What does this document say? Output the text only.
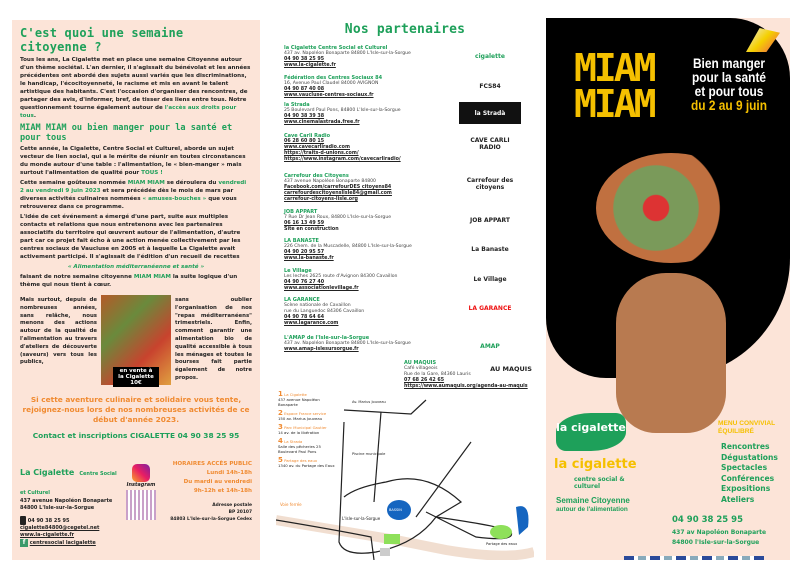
C'est quoi une semaine citoyenne ?

Tous les ans, La Cigalette met en place une semaine Citoyenne autour d'un thème sociétal. L'an dernier, il s'agissait du bénévolat et les années précédentes ont abordé des sujets aussi variés que les discriminations, le handicap, l'écocitoyenneté, le racisme et mis en avant le talent artistique des habitants. C'est l'occasion d'organiser des rencontres, de partager des avis, d'informer, bref, de tisser des liens entre tous. Notre questionnement tourne également autour de l'accès aux droits pour tous.

MIAM MIAM ou bien manger pour la santé et pour tous

Cette année, la Cigalette, Centre Social et Culturel, aborde un sujet vecteur de lien social, qui a le mérite de réunir en toutes circonstances du monde autour d'une table : l'alimentation, le « bien-manger » mais surtout l'alimentation de qualité pour TOUS !

Cette semaine goûteuse nommée MIAM MIAM se déroulera du vendredi 2 au vendredi 9 juin 2023 et sera précédée dès le mois de mars par diverses activités culinaires nommées « amuses-bouches » que vous retrouverez dans ce programme.

L'idée de cet événement a émergé d'une part, suite aux multiples contacts et relations que nous entretenons avec les partenaires associatifs du territoire qui œuvrent autour de l'alimentation, d'autre part car ce projet fait écho à une action menée collectivement par les centres sociaux de Vaucluse en 2005 et à laquelle La Cigalette avait activement participé. Il s'agissait de l'édition d'un recueil de recettes

« Alimentation méditerranéenne et santé »

faisant de notre semaine citoyenne MIAM MIAM la suite logique d'un thème qui nous tient à cœur.

Mais surtout, depuis de nombreuses années, sans relâche, nous menons des actions autour de la qualité de l'alimentation au travers d'ateliers de découverte (saveurs) vers tous les publics,

en vente à la Cigalette 10€

sans oublier l'organisation de nos "repas méditerranéens" trimestriels. Enfin, comment garantir une alimentation bio de qualité accessible à tous les ménages et toutes le bourses fait partie également de notre propos.

Si cette aventure culinaire et solidaire vous tente, rejoignez-nous lors de nos nombreuses activités de ce début d'année 2023.
Contact et inscriptions CIGALETTE 04 90 38 25 95
La Cigalette Centre Social et Culturel
437 avenue Napoléon Bonaparte
84800 L'Isle-sur-la-Sorgue
04 90 38 25 95
cigalette84800@cegetel.net
www.la-cigalette.fr
f centresocial lacigalette
Instagram
HORAIRES ACCÈS PUBLIC
Lundi 14h-18h
Du mardi au vendredi
9h-12h et 14h-18h
Adresse postale
BP 20107
84803 L'Isle-sur-la-Sorgue Cedex
Nos partenaires
la Cigalette Centre Social et Culturel
437 av. Napoléon Bonaparte 84800 L'Isle-sur-la-Sorgue
04 90 38 25 95
www.la-cigalette.fr
cigalette
Fédération des Centres Sociaux 84
16, Avenue Paul Claudel 84000 AVIGNON
04 90 87 40 08
www.vaucluse-centres-sociaux.fr
FCS84
la Strada
25 Boulevard Paul Pons, 84800 L'Isle-sur-la-Sorgue
04 90 38 39 38
www.cinemalastrada.free.fr
la Stradà
Cave Carli Radio
06 28 60 80 15
www.cavecarliradio.com
https://traits-d-unions.com/
https://www.instagram.com/cavecarliradio/
CAVE CARLI RADIO
Carrefour des Citoyens
437 avenue Napoléon Bonaparte 84800
Facebook.com/carrefourDES citoyens84
carrefourdescitoyenslisle84@gmail.com
carrefour-citoyens-lisle.org
Carrefour des citoyens
JOB APPART
7 Rue Dr Jean Roux, 84800 L'Isle-sur-la-Sorgue
06 16 13 49 59
Site en construction
JOB APPART
LA BANASTE
226 Chem. de la Muscadelle, 84800 L'Isle-sur-la-Sorgue
04 90 20 95 57
www.la-banaste.fr
La Banaste
Le Village
Les Ieches 2625 route d'Avignon 84300 Cavaillon
04 90 76 27 40
www.associationlevillage.fr
Le Village
LA GARANCE
Scène nationale de Cavaillon
rue du Languedoc 84306 Cavaillon
04 90 78 64 64
www.lagarance.com
LA GARANCE
L'AMAP de l'Isle-sur-la-Sorgue
437 av. Napoléon Bonaparte 84800 L'Isle-sur-la-Sorgue
www.amap-islesursorgue.fr	AMAP
AU MAQUIS
Café villageois
Rue de la Gare, 84360 Lauris
07 68 26 42 65
https://www.aumaquis.org/agenda-au-maquis
AU MAQUIS
1 La Cigalette
437 avenue Napoléon Bonaparte
2 Espace France service
150 av. Marius Jouveau
3 Parc Municipal Gautier
14 av. de la libération
4 La Strada
Salle des pêcheries 25 Boulevard Paul Pons
5 Partage des eaux
1340 av. du Partage des Eaux
Voie ferrée
L'Isle-sur-la-Sorgue
BASSIN
Piscine municipale
Partage des eaux
Av. Marius Jouveau
MIAM MIAM
Bien manger
pour la santé
et pour tous
du 2 au 9 juin
la cigalette
la cigalette
centre social & culturel
Semaine Citoyenne
autour de l'alimentation
MENU CONVIVIAL
ÉQUILIBRÉ
Rencontres
Dégustations
Spectacles
Conférences
Expositions
Ateliers
04 90 38 25 95
437 av Napoléon Bonaparte
84800 l'Isle-sur-la-Sorgue
